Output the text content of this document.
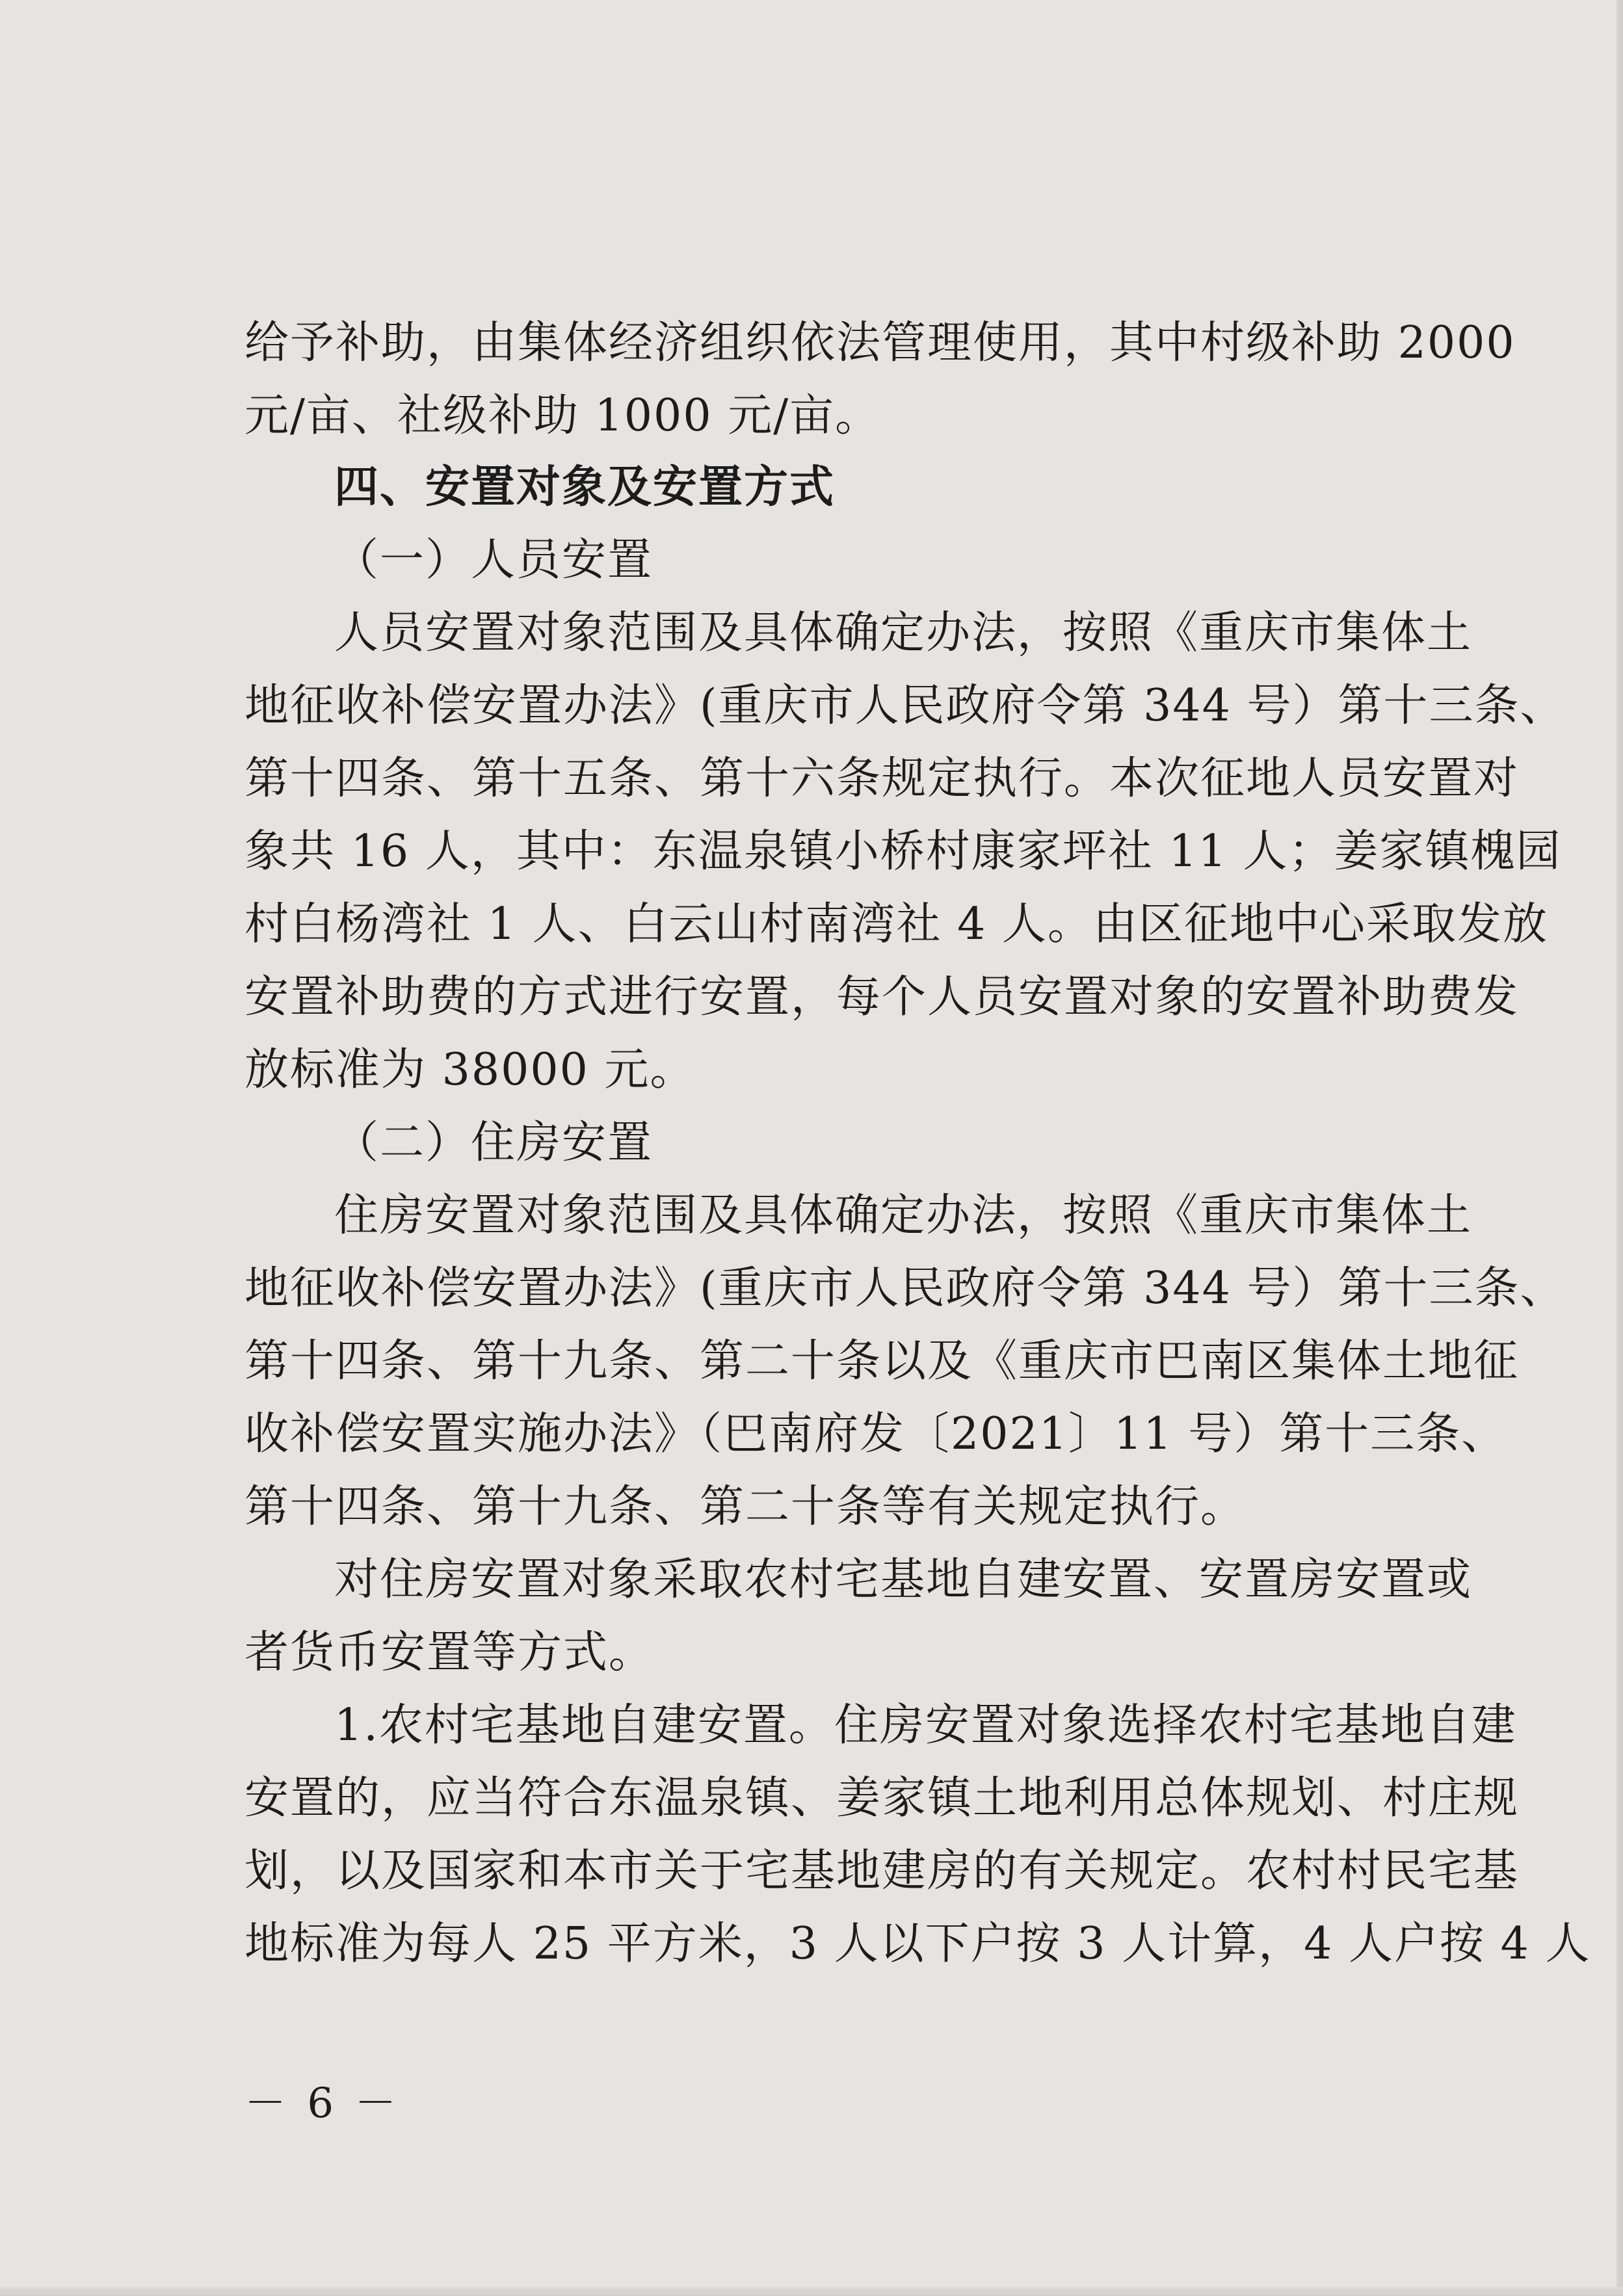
给予补助，由集体经济组织依法管理使用，其中村级补助 2000
元/亩、社级补助 1000 元/亩。
四、安置对象及安置方式
（一）人员安置
人员安置对象范围及具体确定办法，按照《重庆市集体土
地征收补偿安置办法》(重庆市人民政府令第 344 号）第十三条、
第十四条、第十五条、第十六条规定执行。本次征地人员安置对
象共 16 人，其中：东温泉镇小桥村康家坪社 11 人；姜家镇槐园
村白杨湾社 1 人、白云山村南湾社 4 人。由区征地中心采取发放
安置补助费的方式进行安置，每个人员安置对象的安置补助费发
放标准为 38000 元。
（二）住房安置
住房安置对象范围及具体确定办法，按照《重庆市集体土
地征收补偿安置办法》(重庆市人民政府令第 344 号）第十三条、
第十四条、第十九条、第二十条以及《重庆市巴南区集体土地征
收补偿安置实施办法》（巴南府发〔2021〕11 号）第十三条、
第十四条、第十九条、第二十条等有关规定执行。
对住房安置对象采取农村宅基地自建安置、安置房安置或
者货币安置等方式。
1.农村宅基地自建安置。住房安置对象选择农村宅基地自建
安置的，应当符合东温泉镇、姜家镇土地利用总体规划、村庄规
划，以及国家和本市关于宅基地建房的有关规定。农村村民宅基
地标准为每人 25 平方米，3 人以下户按 3 人计算，4 人户按 4 人
－ 6 －
